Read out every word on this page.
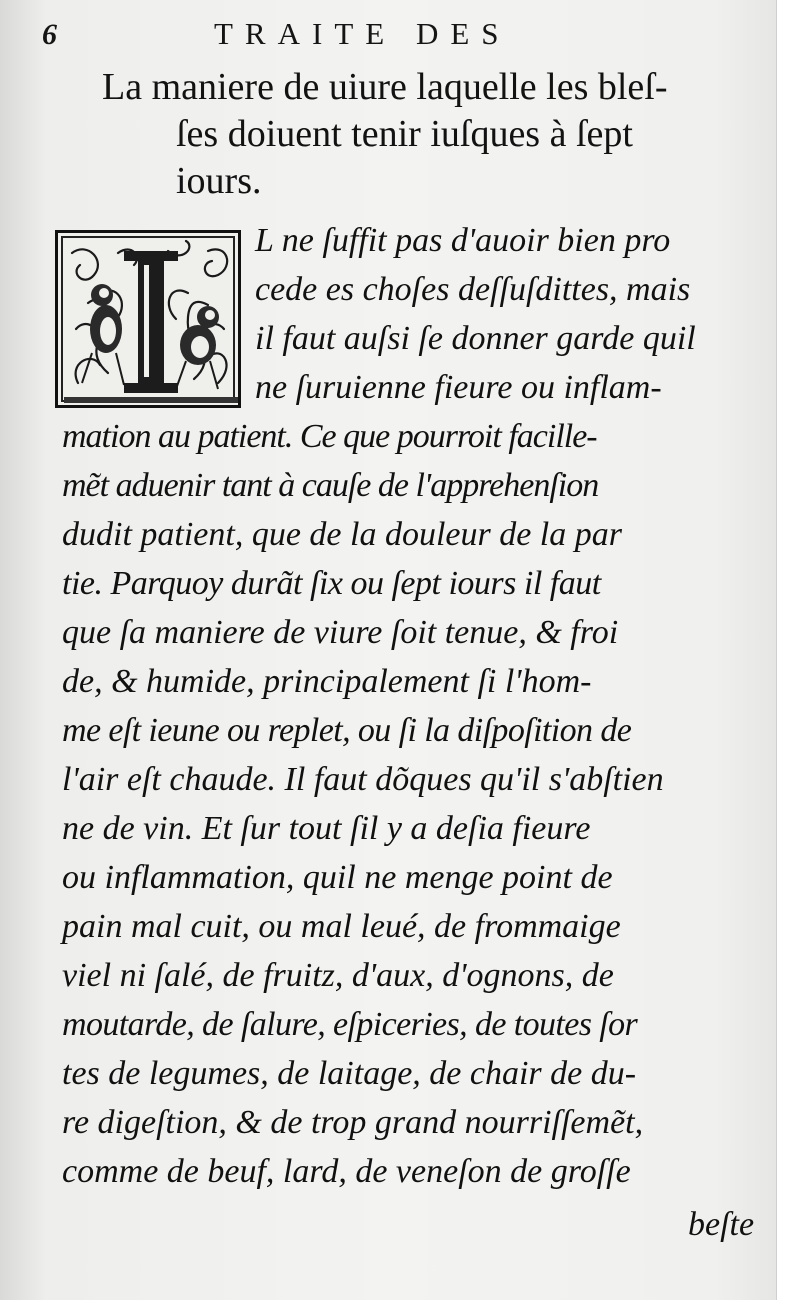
6	TRAITE DES
La maniere de uiure laquelle les bleſ-
ſes doiuent tenir iuſques à ſept
iours.
L ne ſuffit pas d'auoir bien pro
cede es choſes deſſuſdittes, mais
il faut auſsi ſe donner garde quil
ne ſuruienne fieure ou inflam-
mation au patient. Ce que pourroit facille-
mẽt aduenir tant à cauſe de l'apprehenſion
dudit patient, que de la douleur de la par
tie. Parquoy durãt ſix ou ſept iours il faut
que ſa maniere de viure ſoit tenue, & froi
de, & humide, principalement ſi l'hom-
me eſt ieune ou replet, ou ſi la diſpoſition de
l'air eſt chaude. Il faut dõques qu'il s'abſtien
ne de vin. Et ſur tout ſil y a deſia fieure
ou inflammation, quil ne menge point de
pain mal cuit, ou mal leué, de frommaige
viel ni ſalé, de fruitz, d'aux, d'ognons, de
moutarde, de ſalure, eſpiceries, de toutes ſor
tes de legumes, de laitage, de chair de du-
re digeſtion, & de trop grand nourriſſemẽt,
comme de beuf, lard, de veneſon de groſſe
beſte
